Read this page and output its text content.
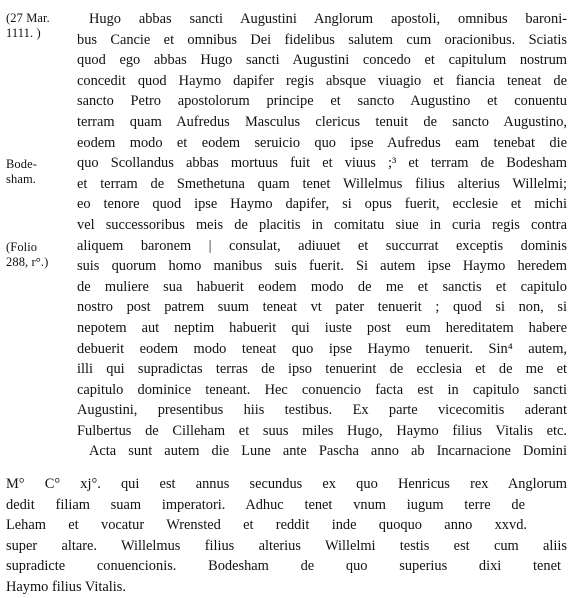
(27 Mar.
1111. )
Bode-
sham.
(Folio
288, r°.)
Hugo abbas sancti Augustini Anglorum apostoli, omnibus baroni-
bus Cancie et omnibus Dei fidelibus salutem cum oracionibus. Sciatis
quod ego abbas Hugo sancti Augustini concedo et capitulum nostrum
concedit quod Haymo dapifer regis absque viuagio et fiancia teneat de
sancto Petro apostolorum principe et sancto Augustino et conuentu
terram quam Aufredus Masculus clericus tenuit de sancto Augustino,
eodem modo et eodem seruicio quo ipse Aufredus eam tenebat die
quo Scollandus abbas mortuus fuit et viuus ;³ et terram de Bodesham
et terram de Smethetuna quam tenet Willelmus filius alterius Willelmi;
eo tenore quod ipse Haymo dapifer, si opus fuerit, ecclesie et michi
vel successoribus meis de placitis in comitatu siue in curia regis contra
aliquem baronem | consulat, adiuuet et succurrat exceptis dominis
suis quorum homo manibus suis fuerit. Si autem ipse Haymo heredem
de muliere sua habuerit eodem modo de me et sanctis et capitulo
nostro post patrem suum teneat vt pater tenuerit ; quod si non, si
nepotem aut neptim habuerit qui iuste post eum hereditatem habere
debuerit eodem modo teneat quo ipse Haymo tenuerit. Sin⁴ autem,
illi qui supradictas terras de ipso tenuerint de ecclesia et de me et
capitulo dominice teneant. Hec conuencio facta est in capitulo sancti
Augustini, presentibus hiis testibus. Ex parte vicecomitis aderant
Fulbertus de Cilleham et suus miles Hugo, Haymo filius Vitalis etc.
Acta sunt autem die Lune ante Pascha anno ab Incarnacione Domini
M° C° xj°. qui est annus secundus ex quo Henricus rex Anglorum
dedit filiam suam imperatori. Adhuc tenet vnum iugum terre de
Leham et vocatur Wrensted et reddit inde quoquo anno xxvd.
super altare. Willelmus filius alterius Willelmi testis est cum aliis
supradicte conuencionis. Bodesham de quo superius dixi tenet
Haymo filius Vitalis.
